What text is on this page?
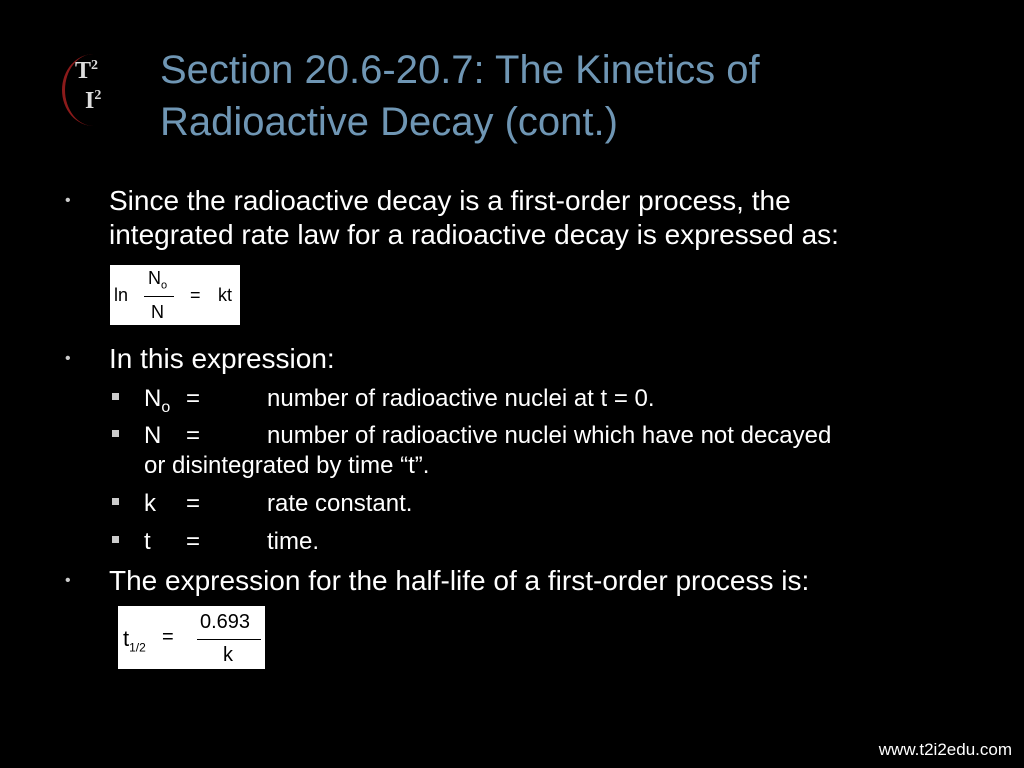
$T^2$
$I^2$
Section 20.6-20.7: The Kinetics of
Radioactive Decay (cont.)
• Since the radioactive decay is a first-order process, the
integrated rate law for a radioactive decay is expressed as:
ln
$N_o$
N
= kt
• In this expression:
$N_o$ =	number of radioactive nuclei at t = 0.
N =	number of radioactive nuclei which have not decayed
or disintegrated by time “t”.
k =	rate constant.
t =	time.
• The expression for the half-life of a first-order process is:
$t_{1/2}$ =
0.693
k
www.t2i2edu.com
